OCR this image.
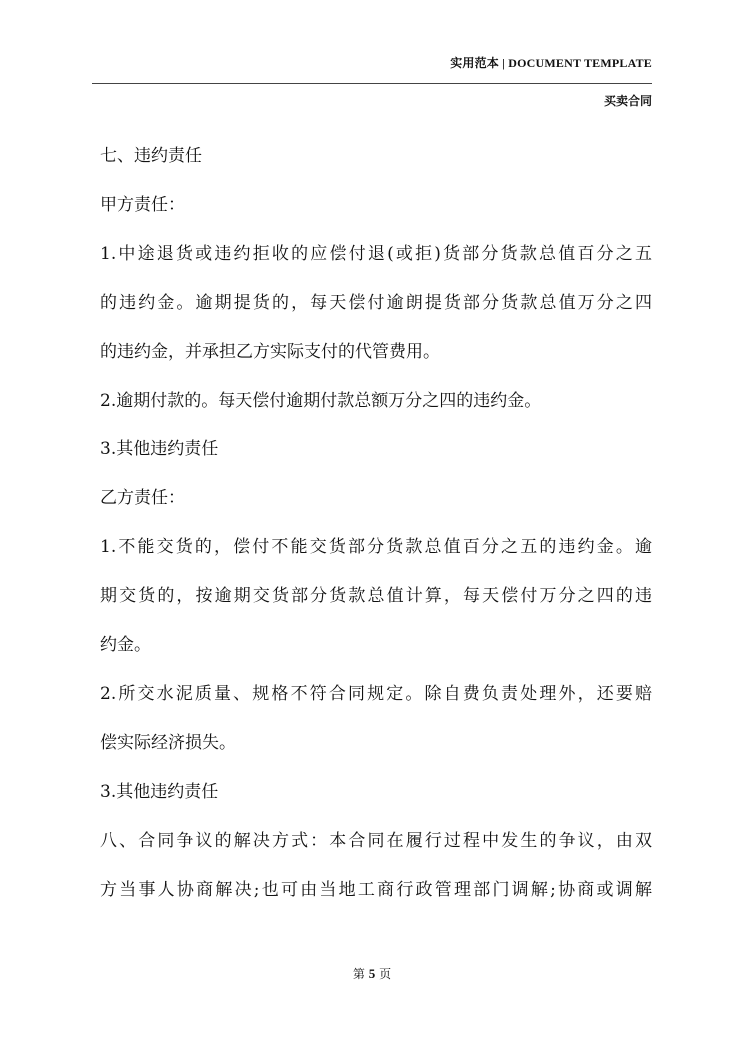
实用范本 | DOCUMENT TEMPLATE
买卖合同
七、违约责任
甲方责任：
1.中途退货或违约拒收的应偿付退(或拒)货部分货款总值百分之五
的违约金。逾期提货的，每天偿付逾朗提货部分货款总值万分之四
的违约金，并承担乙方实际支付的代管费用。
2.逾期付款的。每天偿付逾期付款总额万分之四的违约金。
3.其他违约责任
乙方责任：
1.不能交货的，偿付不能交货部分货款总值百分之五的违约金。逾
期交货的，按逾期交货部分货款总值计算，每天偿付万分之四的违
约金。
2.所交水泥质量、规格不符合同规定。除自费负责处理外，还要赔
偿实际经济损失。
3.其他违约责任
八、合同争议的解决方式：本合同在履行过程中发生的争议，由双
方当事人协商解决;也可由当地工商行政管理部门调解;协商或调解
第 5 页
